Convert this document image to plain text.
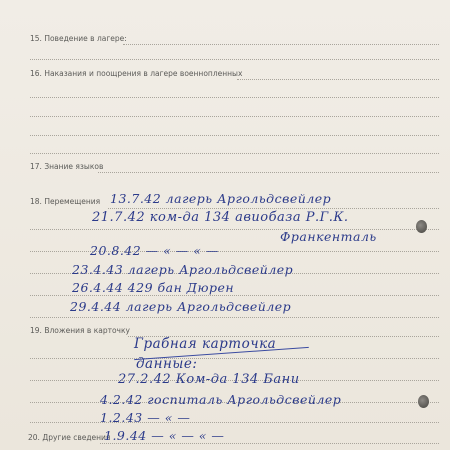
15. Поведение в лагере:
16. Наказания и поощрения в лагере военнопленных
17. Знание языков
18. Перемещения
19. Вложения в карточку
20. Другие сведения
13.7.42 лагерь Аргольдсвейлер
21.7.42 ком-да 134 авиобаза Р.Г.К.
Франкенталь
20.8.42 — « — « —
23.4.43 лагерь Аргольдсвейлер
26.4.44 429 бан Дюрен
29.4.44 лагерь Аргольдсвейлер
Грабная карточка
данные:
27.2.42 Ком-да 134 Бани
4.2.42 госпиталь Аргольдсвейлер
1.2.43 — « —
1.9.44 — « — « —
